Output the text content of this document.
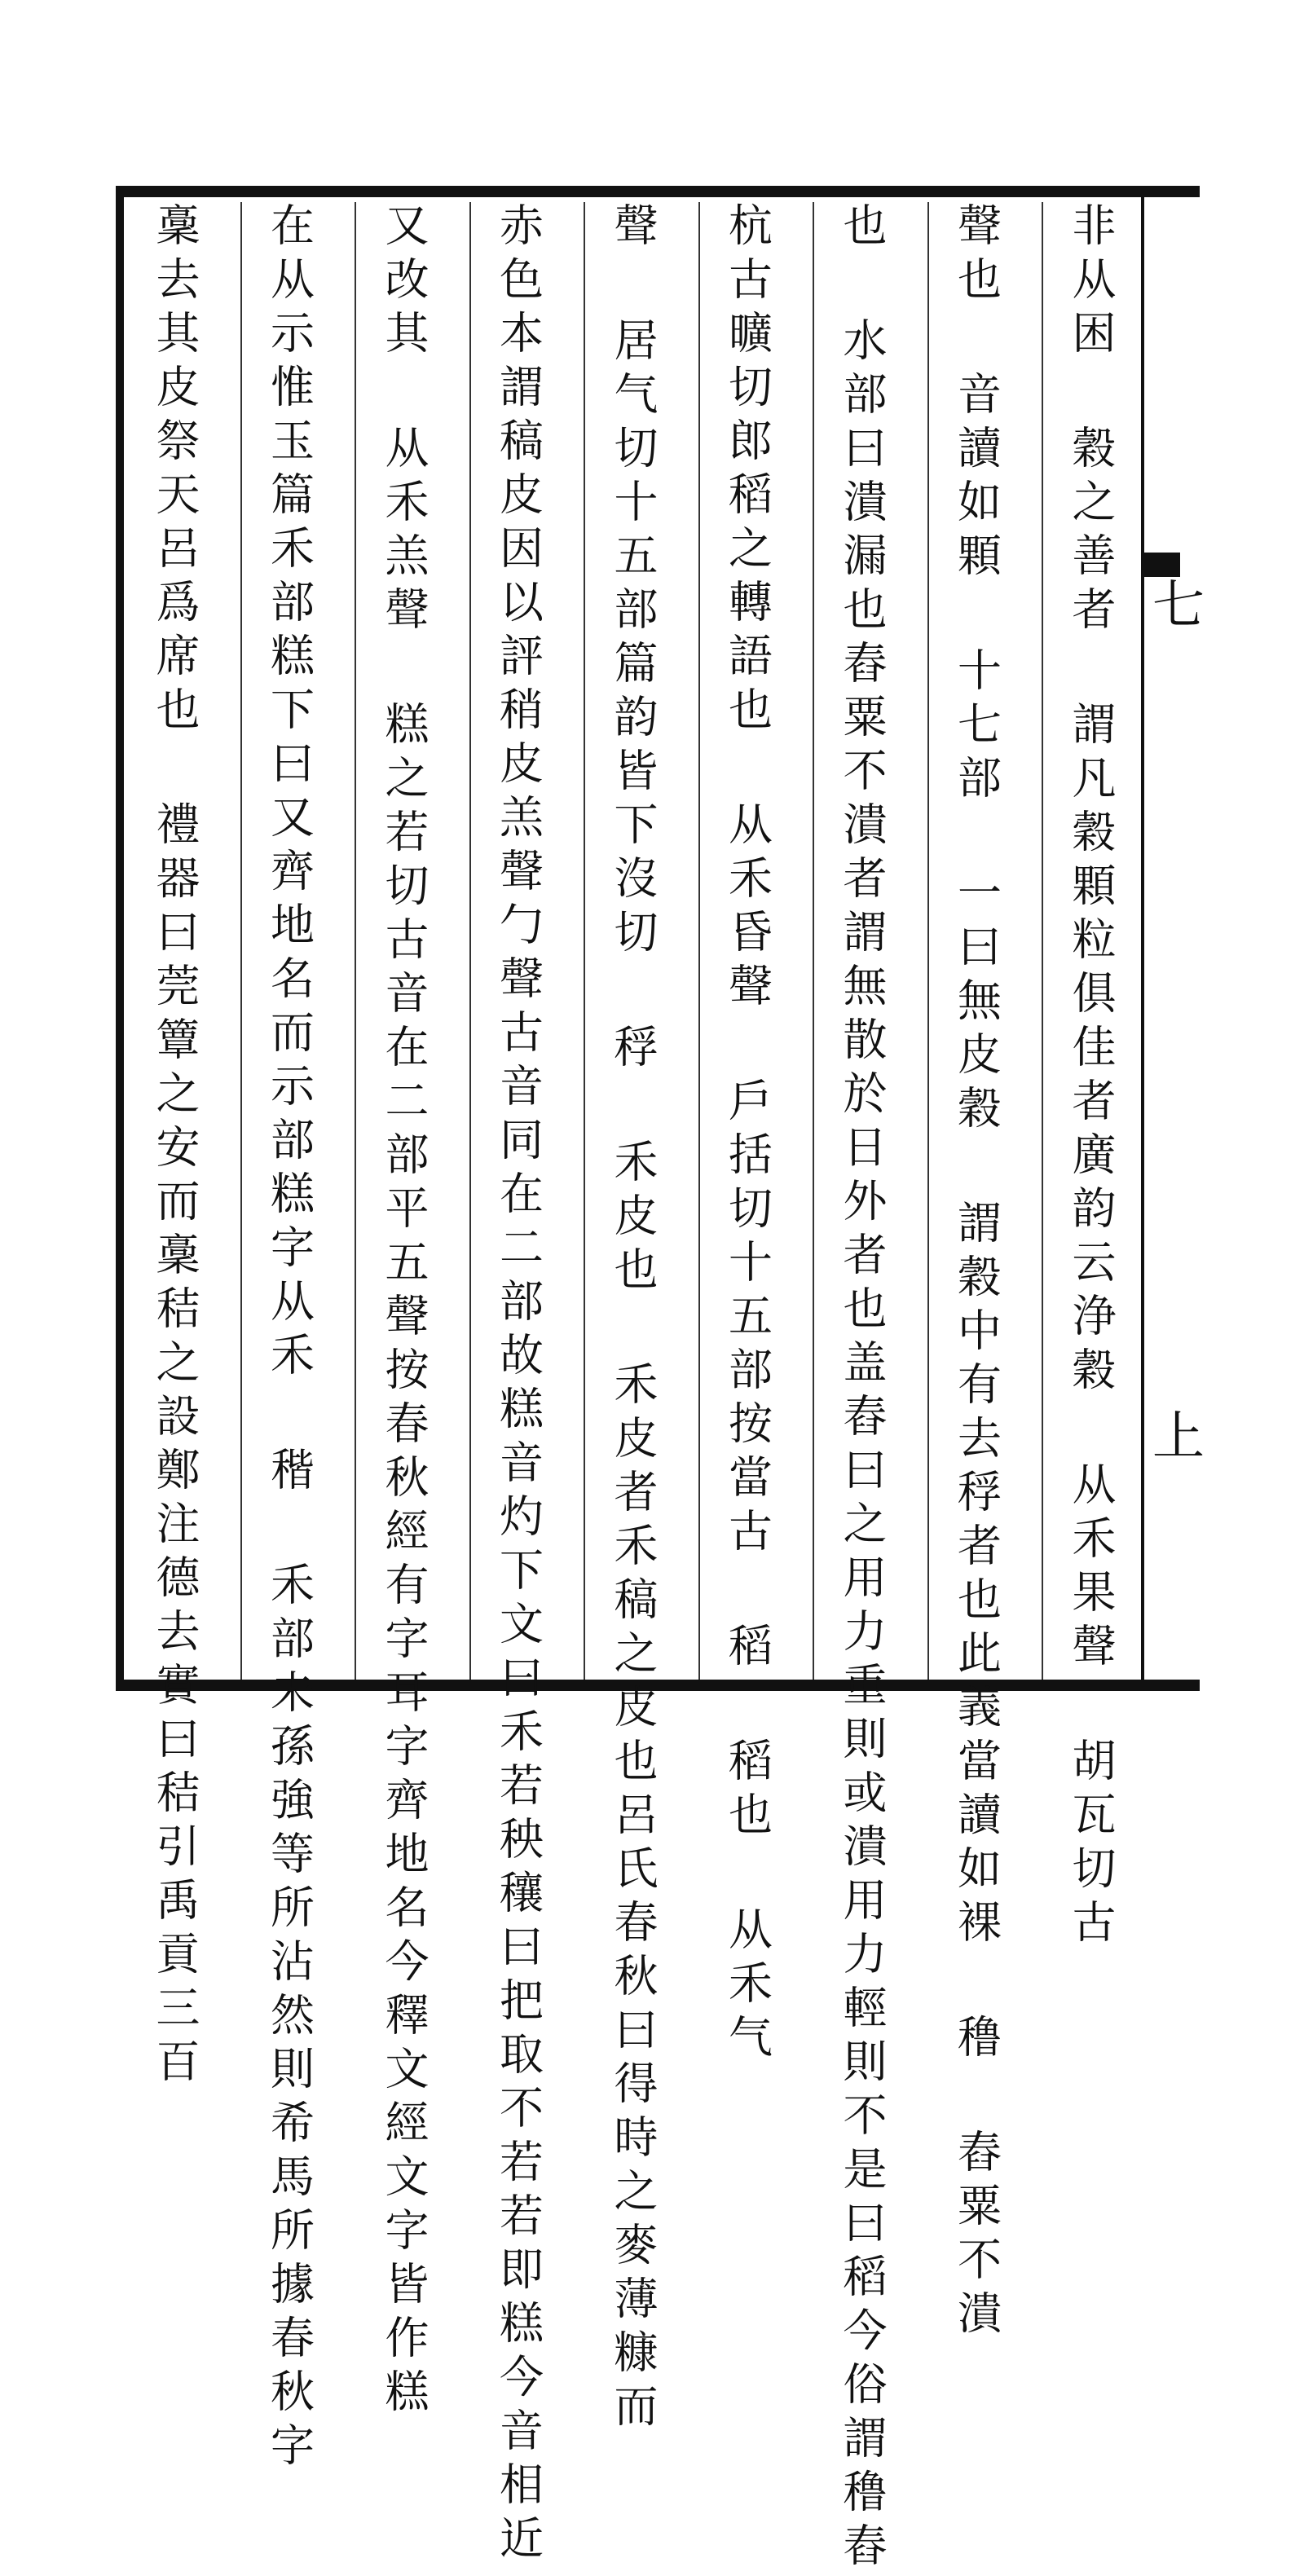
七
上
非从困 穀之善者 謂凡穀顆粒俱佳者廣韵云浄穀 从禾果聲 胡瓦切古
聲也 音讀如顆 十七部 一曰無皮穀 謂穀中有去稃者也此義當讀如裸 穞 舂粟不潰
也 水部曰潰漏也舂粟不潰者謂無散於日外者也盖舂曰之用力重則或潰用力輕則不是曰稻今俗謂穞舂
杭古曠切郎稻之轉語也 从禾昏聲 戶括切十五部按當古 稻 稻也 从禾气
聲 居气切十五部篇韵皆下沒切 稃 禾皮也 禾皮者禾稿之皮也呂氏春秋曰得時之麥薄糠而
赤色本謂稿皮因以評稍皮羔聲勹聲古音同在二部故糕音灼下文曰禾若秧穰曰把取不若若即糕今音相近
又改其 从禾羔聲 糕之若切古音在二部平五聲按春秋經有字耳字齊地名今釋文經文字皆作糕
在从示惟玉篇禾部糕下曰又齊地名而示部糕字从禾 稭 禾部未孫強等所沾然則希馬所據春秋字
稾去其皮祭天呂爲席也 禮器曰莞簟之安而稾秸之設鄭注德去實曰秸引禹貢三百
